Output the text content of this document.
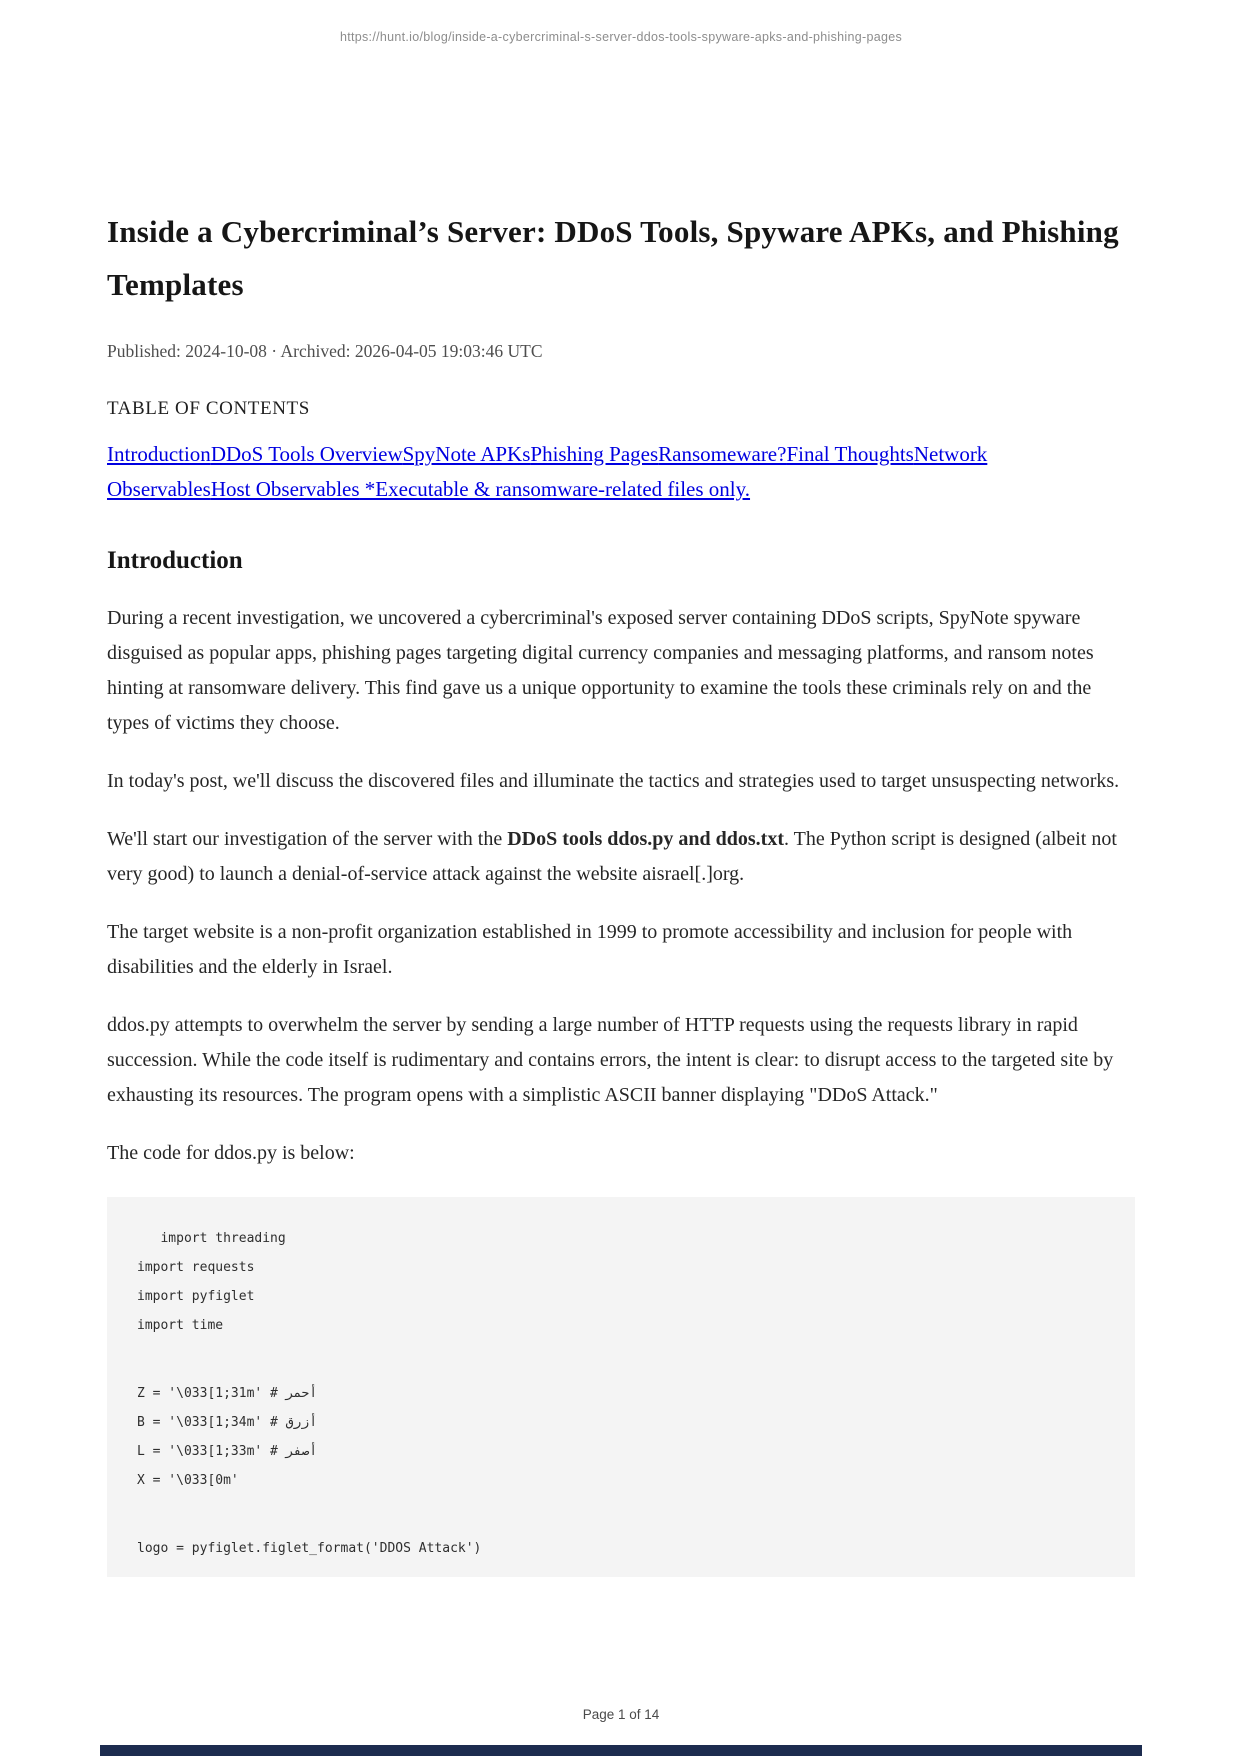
https://hunt.io/blog/inside-a-cybercriminal-s-server-ddos-tools-spyware-apks-and-phishing-pages
Inside a Cybercriminal’s Server: DDoS Tools, Spyware APKs, and Phishing Templates
Published: 2024-10-08 · Archived: 2026-04-05 19:03:46 UTC
TABLE OF CONTENTS
IntroductionDDoS Tools OverviewSpyNote APKsPhishing PagesRansomeware?Final ThoughtsNetwork ObservablesHost Observables *Executable & ransomware-related files only.
Introduction

During a recent investigation, we uncovered a cybercriminal's exposed server containing DDoS scripts, SpyNote spyware disguised as popular apps, phishing pages targeting digital currency companies and messaging platforms, and ransom notes hinting at ransomware delivery. This find gave us a unique opportunity to examine the tools these criminals rely on and the types of victims they choose.

In today's post, we'll discuss the discovered files and illuminate the tactics and strategies used to target unsuspecting networks.

We'll start our investigation of the server with the DDoS tools ddos.py and ddos.txt. The Python script is designed (albeit not very good) to launch a denial-of-service attack against the website aisrael[.]org.

The target website is a non-profit organization established in 1999 to promote accessibility and inclusion for people with disabilities and the elderly in Israel.

ddos.py attempts to overwhelm the server by sending a large number of HTTP requests using the requests library in rapid succession. While the code itself is rudimentary and contains errors, the intent is clear: to disrupt access to the targeted site by exhausting its resources. The program opens with a simplistic ASCII banner displaying "DDoS Attack."

The code for ddos.py is below:

import threading
import requests
import pyfiglet
import time
Z = '\033[1;31m' # أحمر
B = '\033[1;34m' # أزرق
L = '\033[1;33m' # أصفر
X = '\033[0m'
logo = pyfiglet.figlet_format('DDOS Attack')
Page 1 of 14
